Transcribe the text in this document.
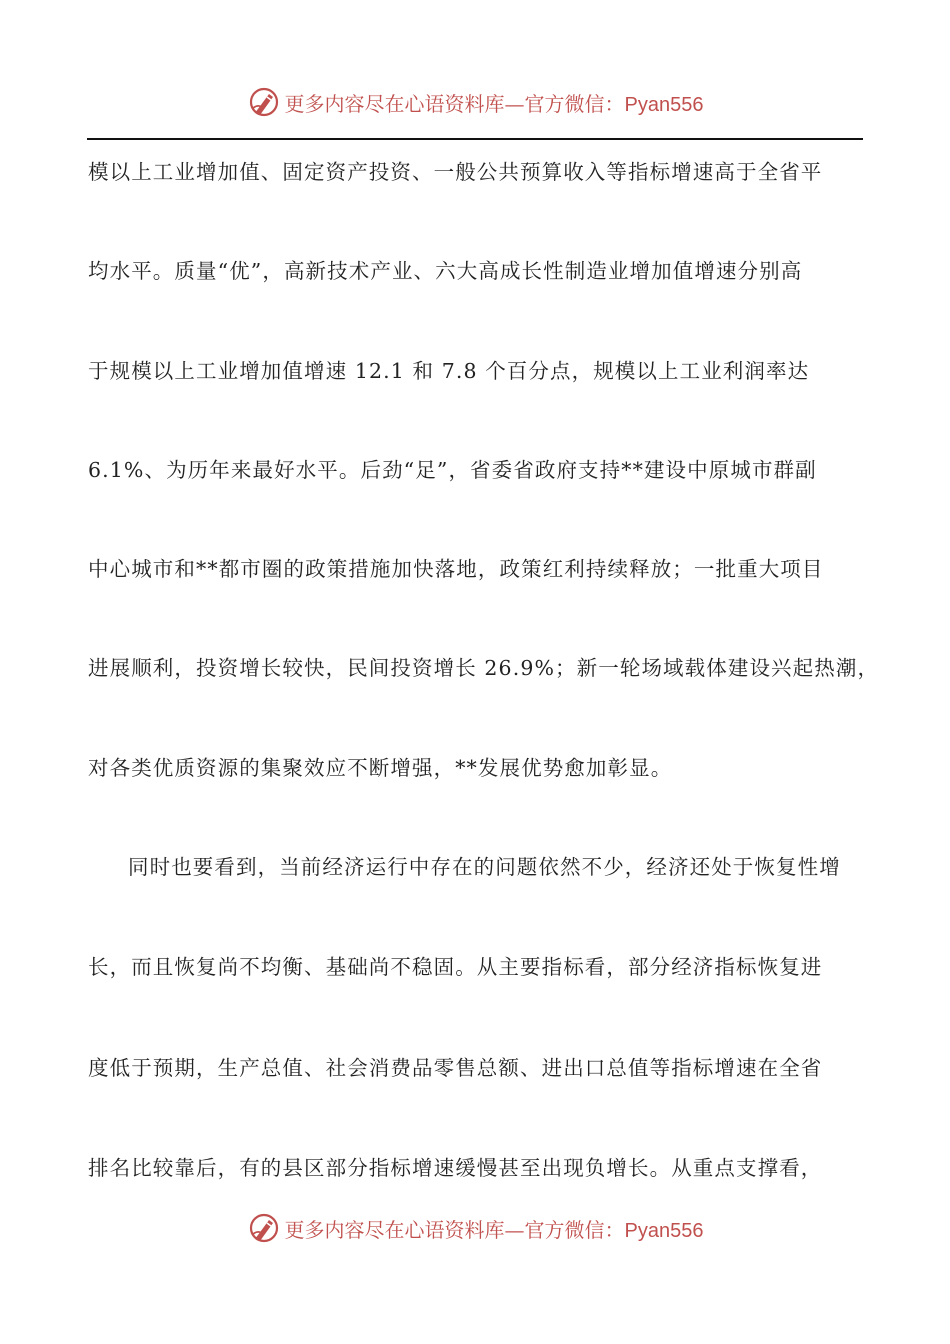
更多内容尽在心语资料库—官方微信：Pyan556
模以上工业增加值、固定资产投资、一般公共预算收入等指标增速高于全省平
均水平。质量“优”，高新技术产业、六大高成长性制造业增加值增速分别高
于规模以上工业增加值增速 12.1 和 7.8 个百分点，规模以上工业利润率达
6.1%、为历年来最好水平。后劲“足”，省委省政府支持**建设中原城市群副
中心城市和**都市圈的政策措施加快落地，政策红利持续释放；一批重大项目
进展顺利，投资增长较快，民间投资增长 26.9%；新一轮场域载体建设兴起热潮，
对各类优质资源的集聚效应不断增强，**发展优势愈加彰显。
同时也要看到，当前经济运行中存在的问题依然不少，经济还处于恢复性增
长，而且恢复尚不均衡、基础尚不稳固。从主要指标看，部分经济指标恢复进
度低于预期，生产总值、社会消费品零售总额、进出口总值等指标增速在全省
排名比较靠后，有的县区部分指标增速缓慢甚至出现负增长。从重点支撑看，
更多内容尽在心语资料库—官方微信：Pyan556
